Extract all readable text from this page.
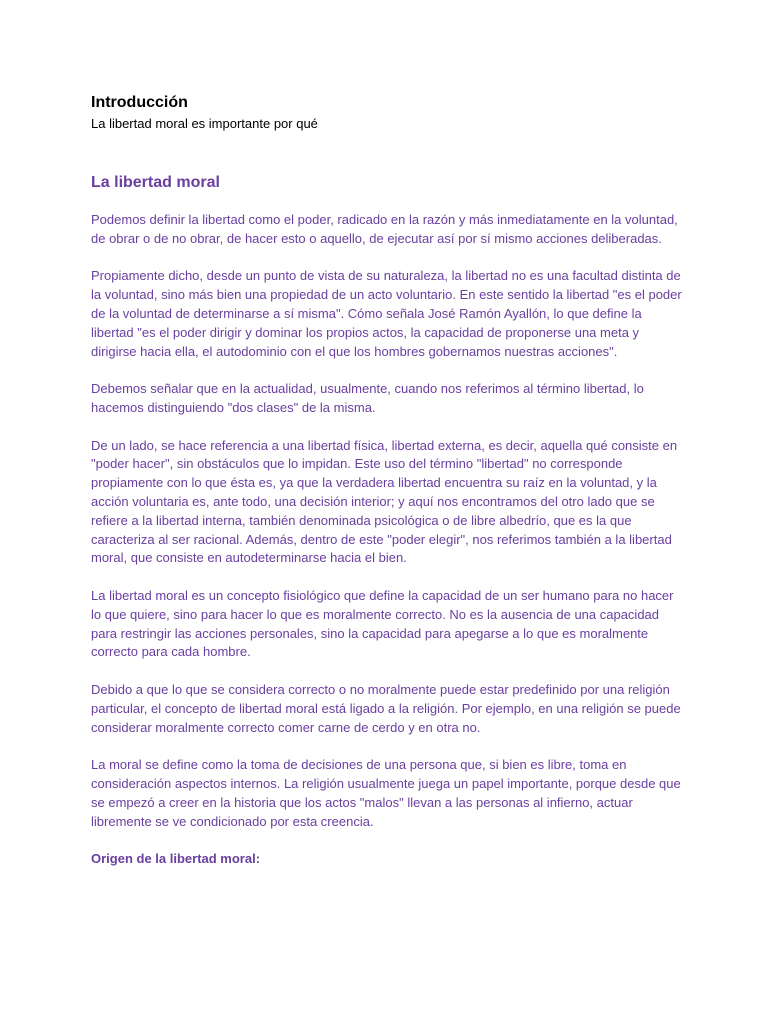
Introducción

La libertad moral es importante por qué

La libertad moral

Podemos definir la libertad como el poder, radicado en la razón y más inmediatamente en la voluntad, de obrar o de no obrar, de hacer esto o aquello, de ejecutar así por sí mismo acciones deliberadas.

Propiamente dicho, desde un punto de vista de su naturaleza, la libertad no es una facultad distinta de la voluntad, sino más bien una propiedad de un acto voluntario. En este sentido la libertad "es el poder de la voluntad de determinarse a sí misma". Cómo señala José Ramón Ayallón, lo que define la libertad "es el poder dirigir y dominar los propios actos, la capacidad de proponerse una meta y dirigirse hacia ella, el autodominio con el que los hombres gobernamos nuestras acciones".

Debemos señalar que en la actualidad, usualmente, cuando nos referimos al término libertad, lo hacemos distinguiendo "dos clases" de la misma.

De un lado, se hace referencia a una libertad física, libertad externa, es decir, aquella qué consiste en "poder hacer", sin obstáculos que lo impidan. Este uso del término "libertad" no corresponde propiamente con lo que ésta es, ya que la verdadera libertad encuentra su raíz en la voluntad, y la acción voluntaria es, ante todo, una decisión interior; y aquí nos encontramos del otro lado que se refiere a la libertad interna, también denominada psicológica o de libre albedrío, que es la que caracteriza al ser racional. Además, dentro de este "poder elegir", nos referimos también a la libertad moral, que consiste en autodeterminarse hacia el bien.

La libertad moral es un concepto fisiológico que define la capacidad de un ser humano para no hacer lo que quiere, sino para hacer lo que es moralmente correcto. No es la ausencia de una capacidad para restringir las acciones personales, sino la capacidad para apegarse a lo que es moralmente correcto para cada hombre.

Debido a que lo que se considera correcto o no moralmente puede estar predefinido por una religión particular, el concepto de libertad moral está ligado a la religión. Por ejemplo, en una religión se puede considerar moralmente correcto comer carne de cerdo y en otra no.

La moral se define como la toma de decisiones de una persona que, si bien es libre, toma en consideración aspectos internos. La religión usualmente juega un papel importante, porque desde que se empezó a creer en la historia que los actos "malos" llevan a las personas al infierno, actuar libremente se ve condicionado por esta creencia.

Origen de la libertad moral:
